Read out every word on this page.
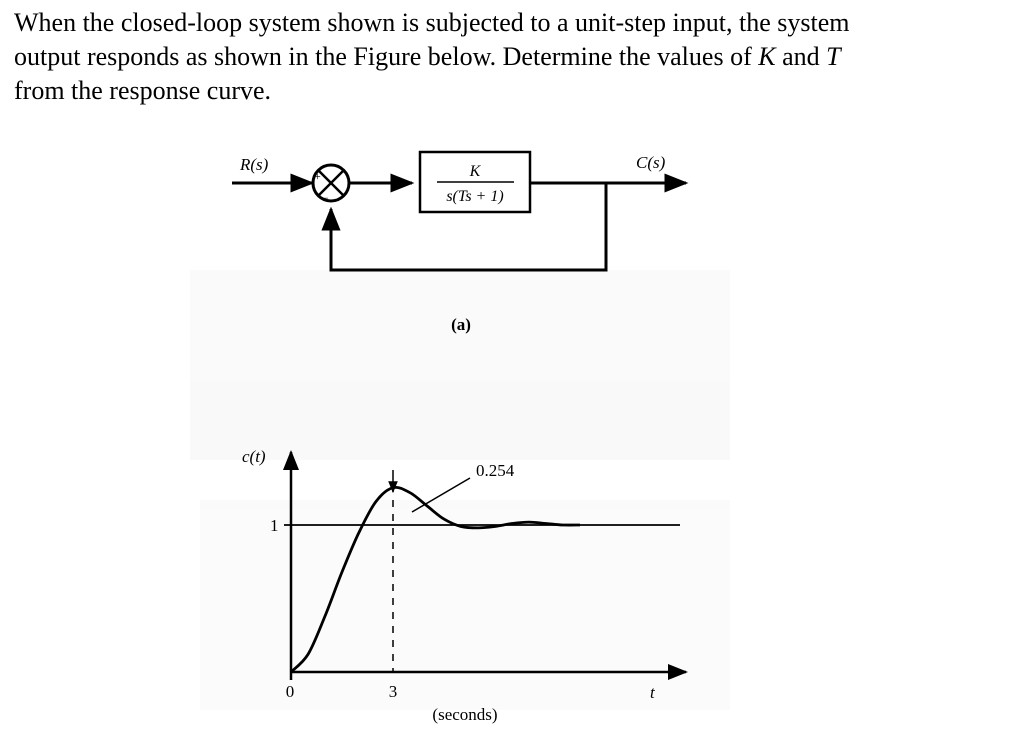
When the closed-loop system shown is subjected to a unit-step input, the system
output responds as shown in the Figure below. Determine the values of K and T
from the response curve.
R(s)	C(s)
+
−
K
s(Ts + 1)
(a)
c(t)
t
1
0	3
0.254
(seconds)
